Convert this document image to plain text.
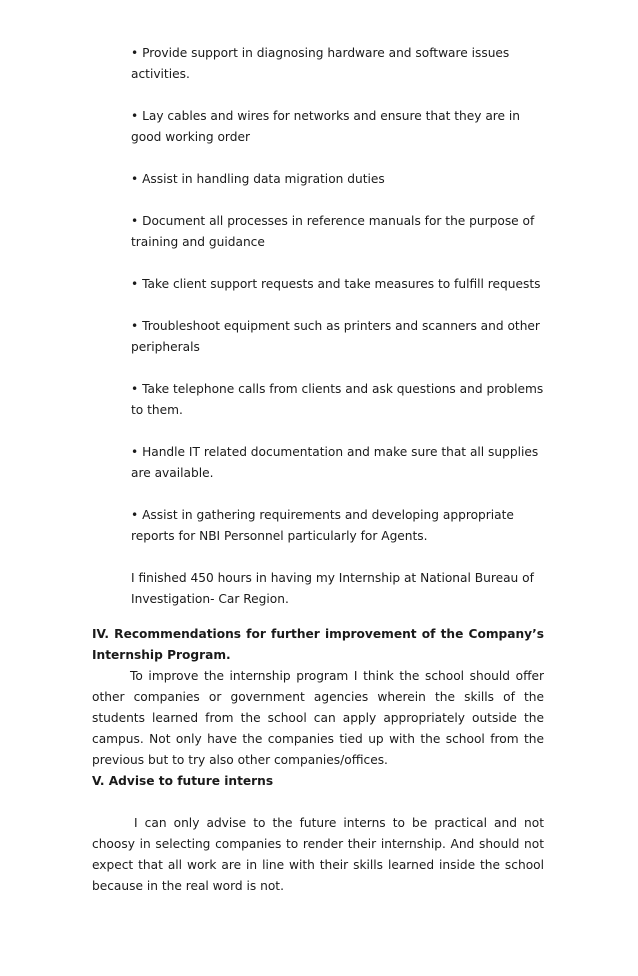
• Provide support in diagnosing hardware and software issues activities.

• Lay cables and wires for networks and ensure that they are in good working order

• Assist in handling data migration duties

• Document all processes in reference manuals for the purpose of training and guidance

• Take client support requests and take measures to fulfill requests

• Troubleshoot equipment such as printers and scanners and other peripherals

• Take telephone calls from clients and ask questions and problems to them.

• Handle IT related documentation and make sure that all supplies are available.

• Assist in gathering requirements and developing appropriate reports for NBI Personnel particularly for Agents.

I finished 450 hours in having my Internship at National Bureau of Investigation- Car Region.

IV. Recommendations for further improvement of the Company’s Internship Program.

To improve the internship program I think the school should offer other companies or government agencies wherein the skills of the students learned from the school can apply appropriately outside the campus. Not only have the companies tied up with the school from the previous but to try also other companies/offices.

V. Advise to future interns

I can only advise to the future interns to be practical and not choosy in selecting companies to render their internship. And should not expect that all work are in line with their skills learned inside the school because in the real word is not.
